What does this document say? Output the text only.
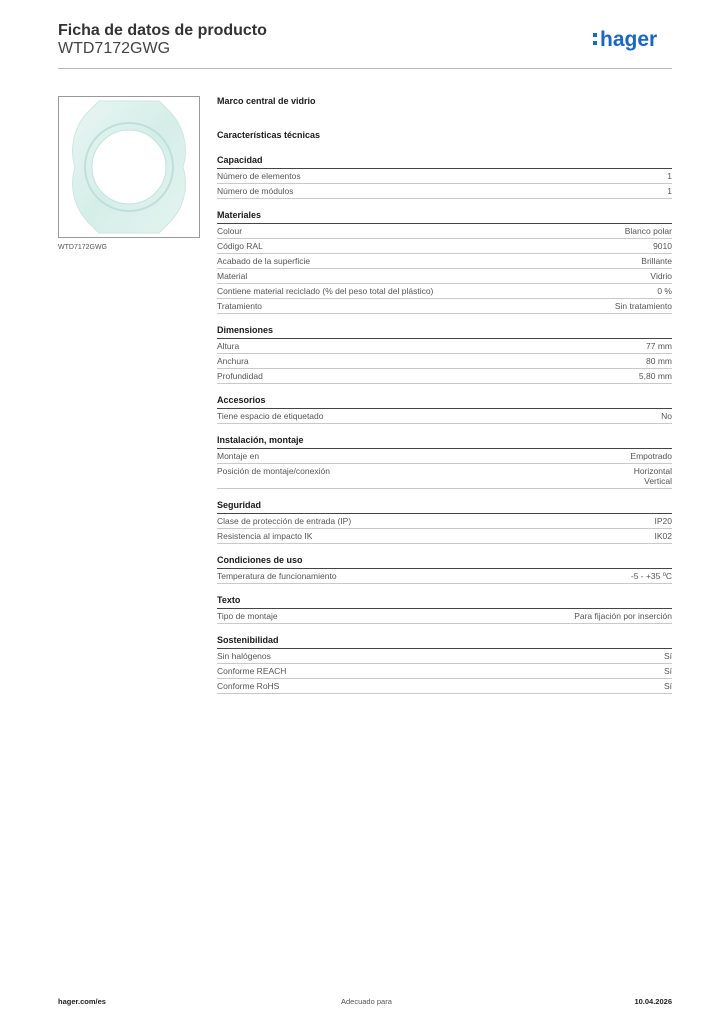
Ficha de datos de producto
WTD7172GWG	hager
WTD7172GWG
Marco central de vidrio
Características técnicas
Capacidad
Número de elementos	1
Número de módulos	1
Materiales
Colour	Blanco polar
Código RAL	9010
Acabado de la superficie	Brillante
Material	Vidrio
Contiene material reciclado (% del peso total del plástico)	0 %
Tratamiento	Sin tratamiento
Dimensiones
Altura	77 mm
Anchura	80 mm
Profundidad	5,80 mm
Accesorios
Tiene espacio de etiquetado	No
Instalación, montaje
Montaje en	Empotrado
Posición de montaje/conexión	Horizontal
Vertical
Seguridad
Clase de protección de entrada (IP)	IP20
Resistencia al impacto IK	IK02
Condiciones de uso
Temperatura de funcionamiento	-5 - +35 ºC
Texto
Tipo de montaje	Para fijación por inserción
Sostenibilidad
Sin halógenos	Sí
Conforme REACH	Sí
Conforme RoHS	Sí
hager.com/es	Adecuado para	10.04.2026
